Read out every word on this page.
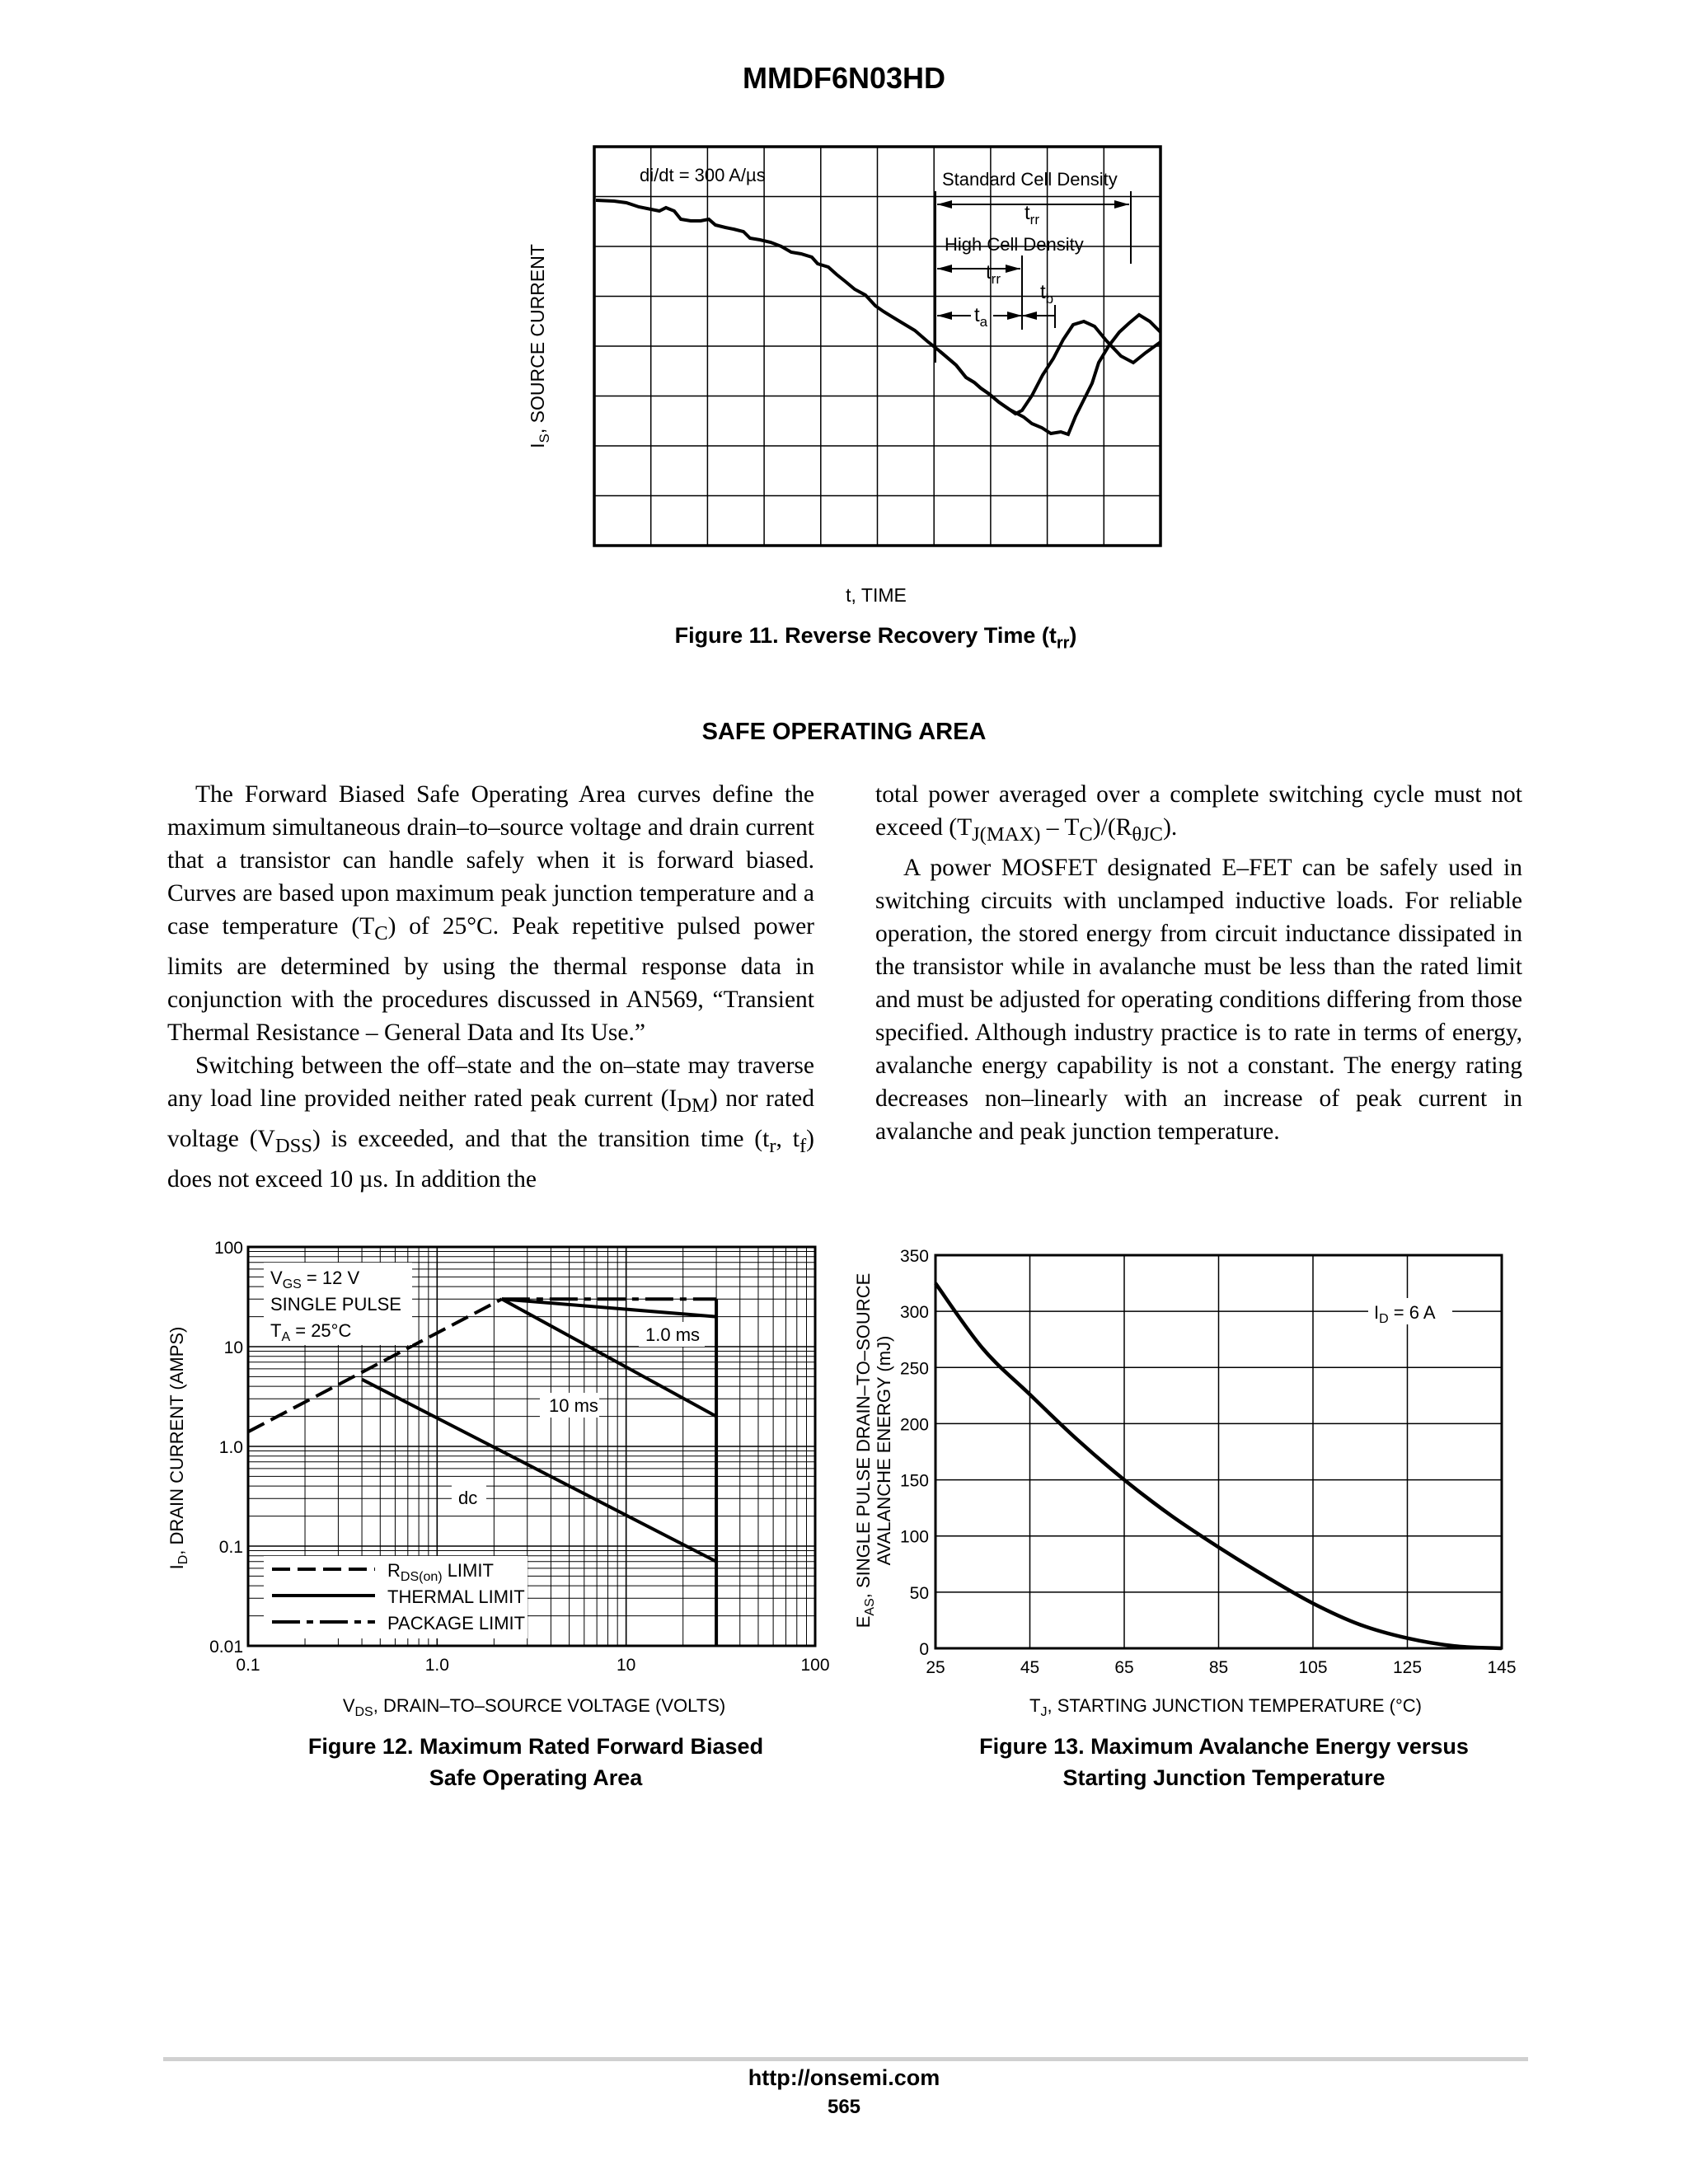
MMDF6N03HD
di/dt = 300 A/µs	Standard Cell Density
$t_{rr}$
High Cell Density
$t_{rr}$
$t_a$
$t_b$
$I_S$, SOURCE CURRENT
t, TIME
Figure 11. Reverse Recovery Time $(t_{rr})$
SAFE OPERATING AREA

The Forward Biased Safe Operating Area curves define the maximum simultaneous drain–to–source voltage and drain current that a transistor can handle safely when it is forward biased. Curves are based upon maximum peak junction temperature and a case temperature $(T_C)$ of 25°C. Peak repetitive pulsed power limits are determined by using the thermal response data in conjunction with the procedures discussed in AN569, “Transient Thermal Resistance – General Data and Its Use.”

Switching between the off–state and the on–state may traverse any load line provided neither rated peak current $(I_{DM})$ nor rated voltage $(V_{DSS})$ is exceeded, and that the transition time ($t_r$, $t_f$) does not exceed 10 µs. In addition the

total power averaged over a complete switching cycle must not exceed $(T_{J(MAX)} - T_C)/(R_{\theta JC})$.

A power MOSFET designated E–FET can be safely used in switching circuits with unclamped inductive loads. For reliable operation, the stored energy from circuit inductance dissipated in the transistor while in avalanche must be less than the rated limit and must be adjusted for operating conditions differing from those specified. Although industry practice is to rate in terms of energy, avalanche energy capability is not a constant. The energy rating decreases non–linearly with an increase of peak current in avalanche and peak junction temperature.

0.1	1.0	10	100
0.01
0.1
1.0
10
100
$V_{GS} = 12$ V
SINGLE PULSE
$T_A = 25^\circ C$	1.0 ms
10 ms
dc
$R_{DS(on)}$ LIMIT
THERMAL LIMIT
PACKAGE LIMIT
$I_D$, DRAIN CURRENT (AMPS)
$V_{DS}$, DRAIN–TO–SOURCE VOLTAGE (VOLTS)
Figure 12. Maximum Rated Forward Biased
Safe Operating Area
25	45	65	85	105	125	145
0
50
100
150
200
250
300
350
$I_D = 6$ A
$E_{AS}$, SINGLE PULSE DRAIN–TO–SOURCE AVALANCHE ENERGY (mJ)
$T_J$, STARTING JUNCTION TEMPERATURE (°C)
Figure 13. Maximum Avalanche Energy versus
Starting Junction Temperature
http://onsemi.com
565
